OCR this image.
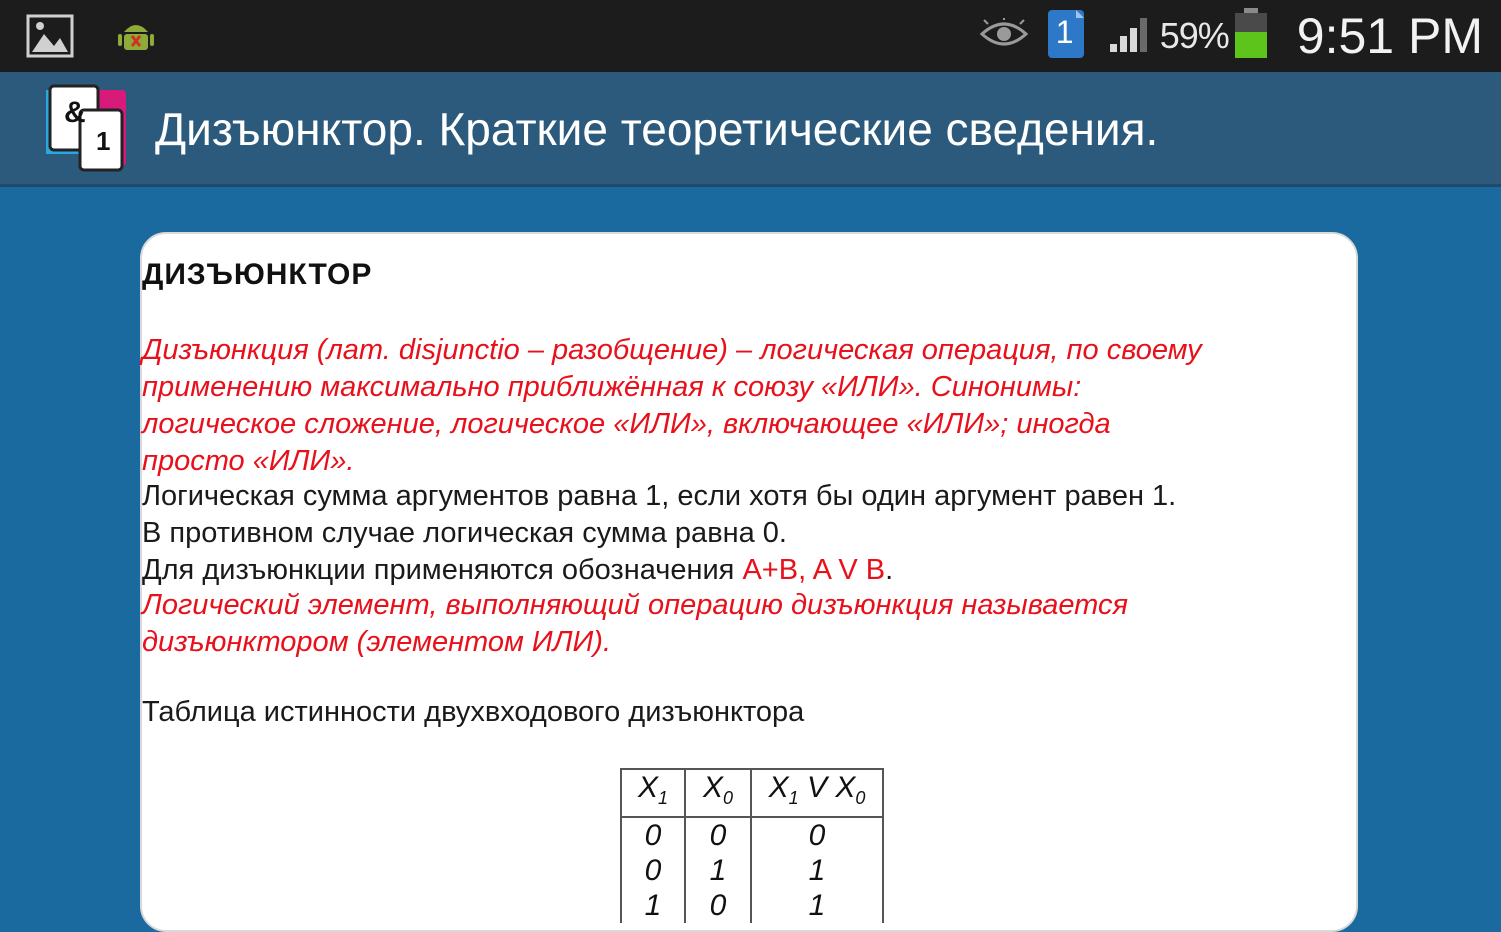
1 59% 9:51 PM
&
1 Дизъюнктор. Краткие теоретические сведения.
ДИЗЪЮНКТОР
Дизъюнкция (лат. disjunctio – разобщение) – логическая операция, по своему
применению максимально приближённая к союзу «ИЛИ». Синонимы:
логическое сложение, логическое «ИЛИ», включающее «ИЛИ»; иногда
просто «ИЛИ».
Логическая сумма аргументов равна 1, если хотя бы один аргумент равен 1.
В противном случае логическая сумма равна 0.
Для дизъюнкции применяются обозначения A+B, A V B.
Логический элемент, выполняющий операцию дизъюнкция называется
дизъюнктором (элементом ИЛИ).
Таблица истинности двухвходового дизъюнктора
$X_1$	$X_0$	$X_1$ V $X_0$
0	0	0
0	1	1
1	0	1
